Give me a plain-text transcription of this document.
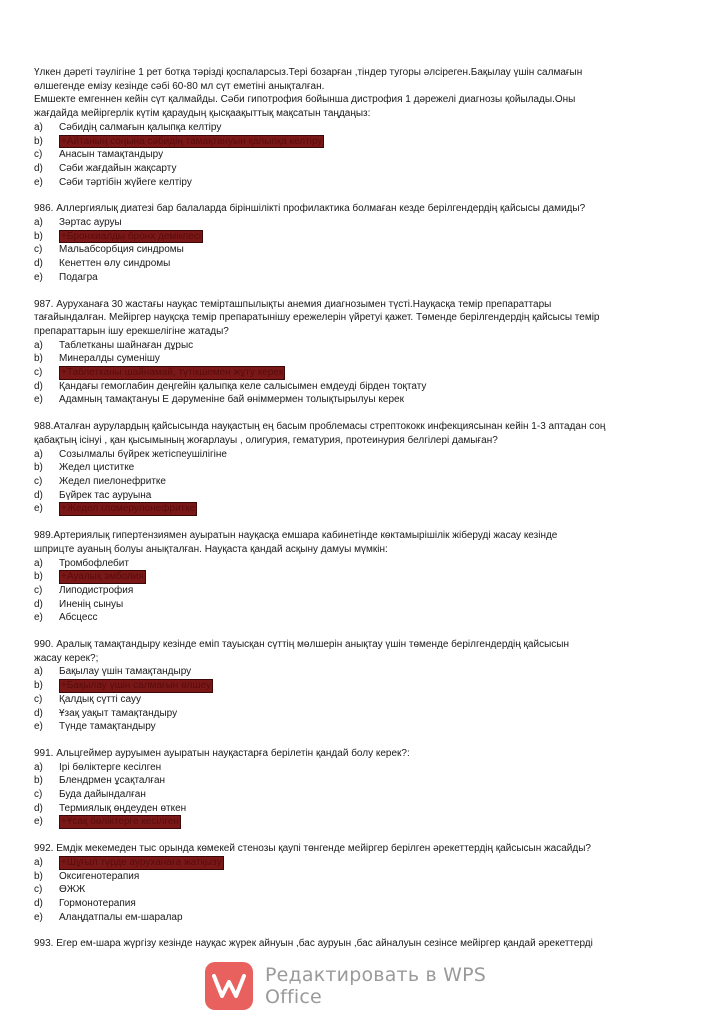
Үлкен дәреті тәулігіне 1 рет ботқа тәрізді қоспаларсыз.Тері бозарған ,тіндер тугоры әлсіреген.Бақылау үшін салмағын

өлшегенде емізу кезінде сәбі 60-80 мл сүт еметіні анықталған.

Емшекте емгеннен кейін сүт қалмайды. Сәби гипотрофия бойынша дистрофия 1 дәрежелі диагнозы қойылады.Оны

жағдайда мейіргерлік күтім қараудың қысқаақыттық мақсатын таңдаңыз:

a)	Сәбидің салмағын қалыпқа келтіру
b)	+Айтаның соңына сәбидің тамақтануын қалыпқа келтіру
c)	Анасын тамақтандыру
d)	Сәби жағдайын жақсарту
e)	Сәби тәртібін жүйеге келтіру

986. Аллергиялық диатезі бар балаларда біріншілікті профилактика болмаған кезде берілгендердің қайсысы дамиды?

a)	Зәртас ауруы
b)	+Бронхиалды бронх демікпесі
c)	Мальабсорбция синдромы
d)	Кенеттен өлу синдромы
e)	Подагра

987. Ауруханаға 30 жастағы науқас темірташпылықты анемия диагнозымен түсті.Науқасқа темір препараттары

тағайындалған. Мейіргер науқсқа темір препаратынішу ережелерін үйретуі қажет. Төменде берілгендердің қайсысы темір

препараттарын ішу ерекшелігіне жатады?

a)	Таблетканы шайнаған дұрыс
b)	Минералды суменішу
c)	+Таблетканы шайнамай, түтікшемен жұту керек
d)	Қандағы гемоглабин деңгейін қалыпқа келе салысымен емдеуді бірден тоқтату
e)	Адамның тамақтануы Е дәруменіне бай өніммермен толықтырылуы керек

988.Аталған аурулардың қайсысында науқастың ең басым проблемасы стрептококк инфекциясынан кейін 1-3 аптадан соң

қабақтың ісінуі , қан қысымының жоғарлауы , олигурия, гематурия, протеинурия белгілері дамыған?

a)	Созылмалы бүйрек жетіспеушілігіне
b)	Жедел циститке
c)	Жедел пиелонефритке
d)	Бүйрек тас ауруына
e)	+Жедел гломерулонефритке

989.Артериялық гипертензиямен ауыратын науқасқа емшара кабинетінде көктамырішілік жіберуді жасау кезінде

шприцте ауаның болуы анықталған. Науқаста қандай асқыну дамуы мүмкін:

a)	Тромбофлебит
b)	+Ауалық эмболия
c)	Липодистрофия
d)	Иненің сынуы
e)	Абсцесс

990. Аралық тамақтандыру кезінде еміп тауысқан сүттің мөлшерін анықтау үшін төменде берілгендердің қайсысын

жасау керек?;

a)	Бақылау үшін тамақтандыру
b)	+Бақылау үшін салмағын өлшеу
c)	Қалдық сүтті сауу
d)	Ұзақ уақыт тамақтандыру
e)	Түнде тамақтандыру

991. Альцгеймер ауруымен ауыратын науқастарға берілетін қандай болу керек?:

a)	Ірі бөліктерге кесілген
b)	Блендрмен ұсақталған
c)	Буда дайындалған
d)	Термиялық өңдеуден өткен
e)	+Ұсақ бөліктерге кесілген

992. Емдік мекемеден тыс орында көмекей стенозы қаупі төнгенде мейіргер берілген әрекеттердің қайсысын жасайды?

a)	+Шұғыл түрде ауруханаға жатқызу
b)	Оксигенотерапия
c)	ӨЖЖ
d)	Гормонотерапия
e)	Алаңдатпалы ем-шаралар

993. Егер ем-шара жүргізу кезінде науқас жүрек айнуын ,бас ауруын ,бас айналуын сезінсе мейіргер қандай әрекеттерді

Редактировать в WPS Office
